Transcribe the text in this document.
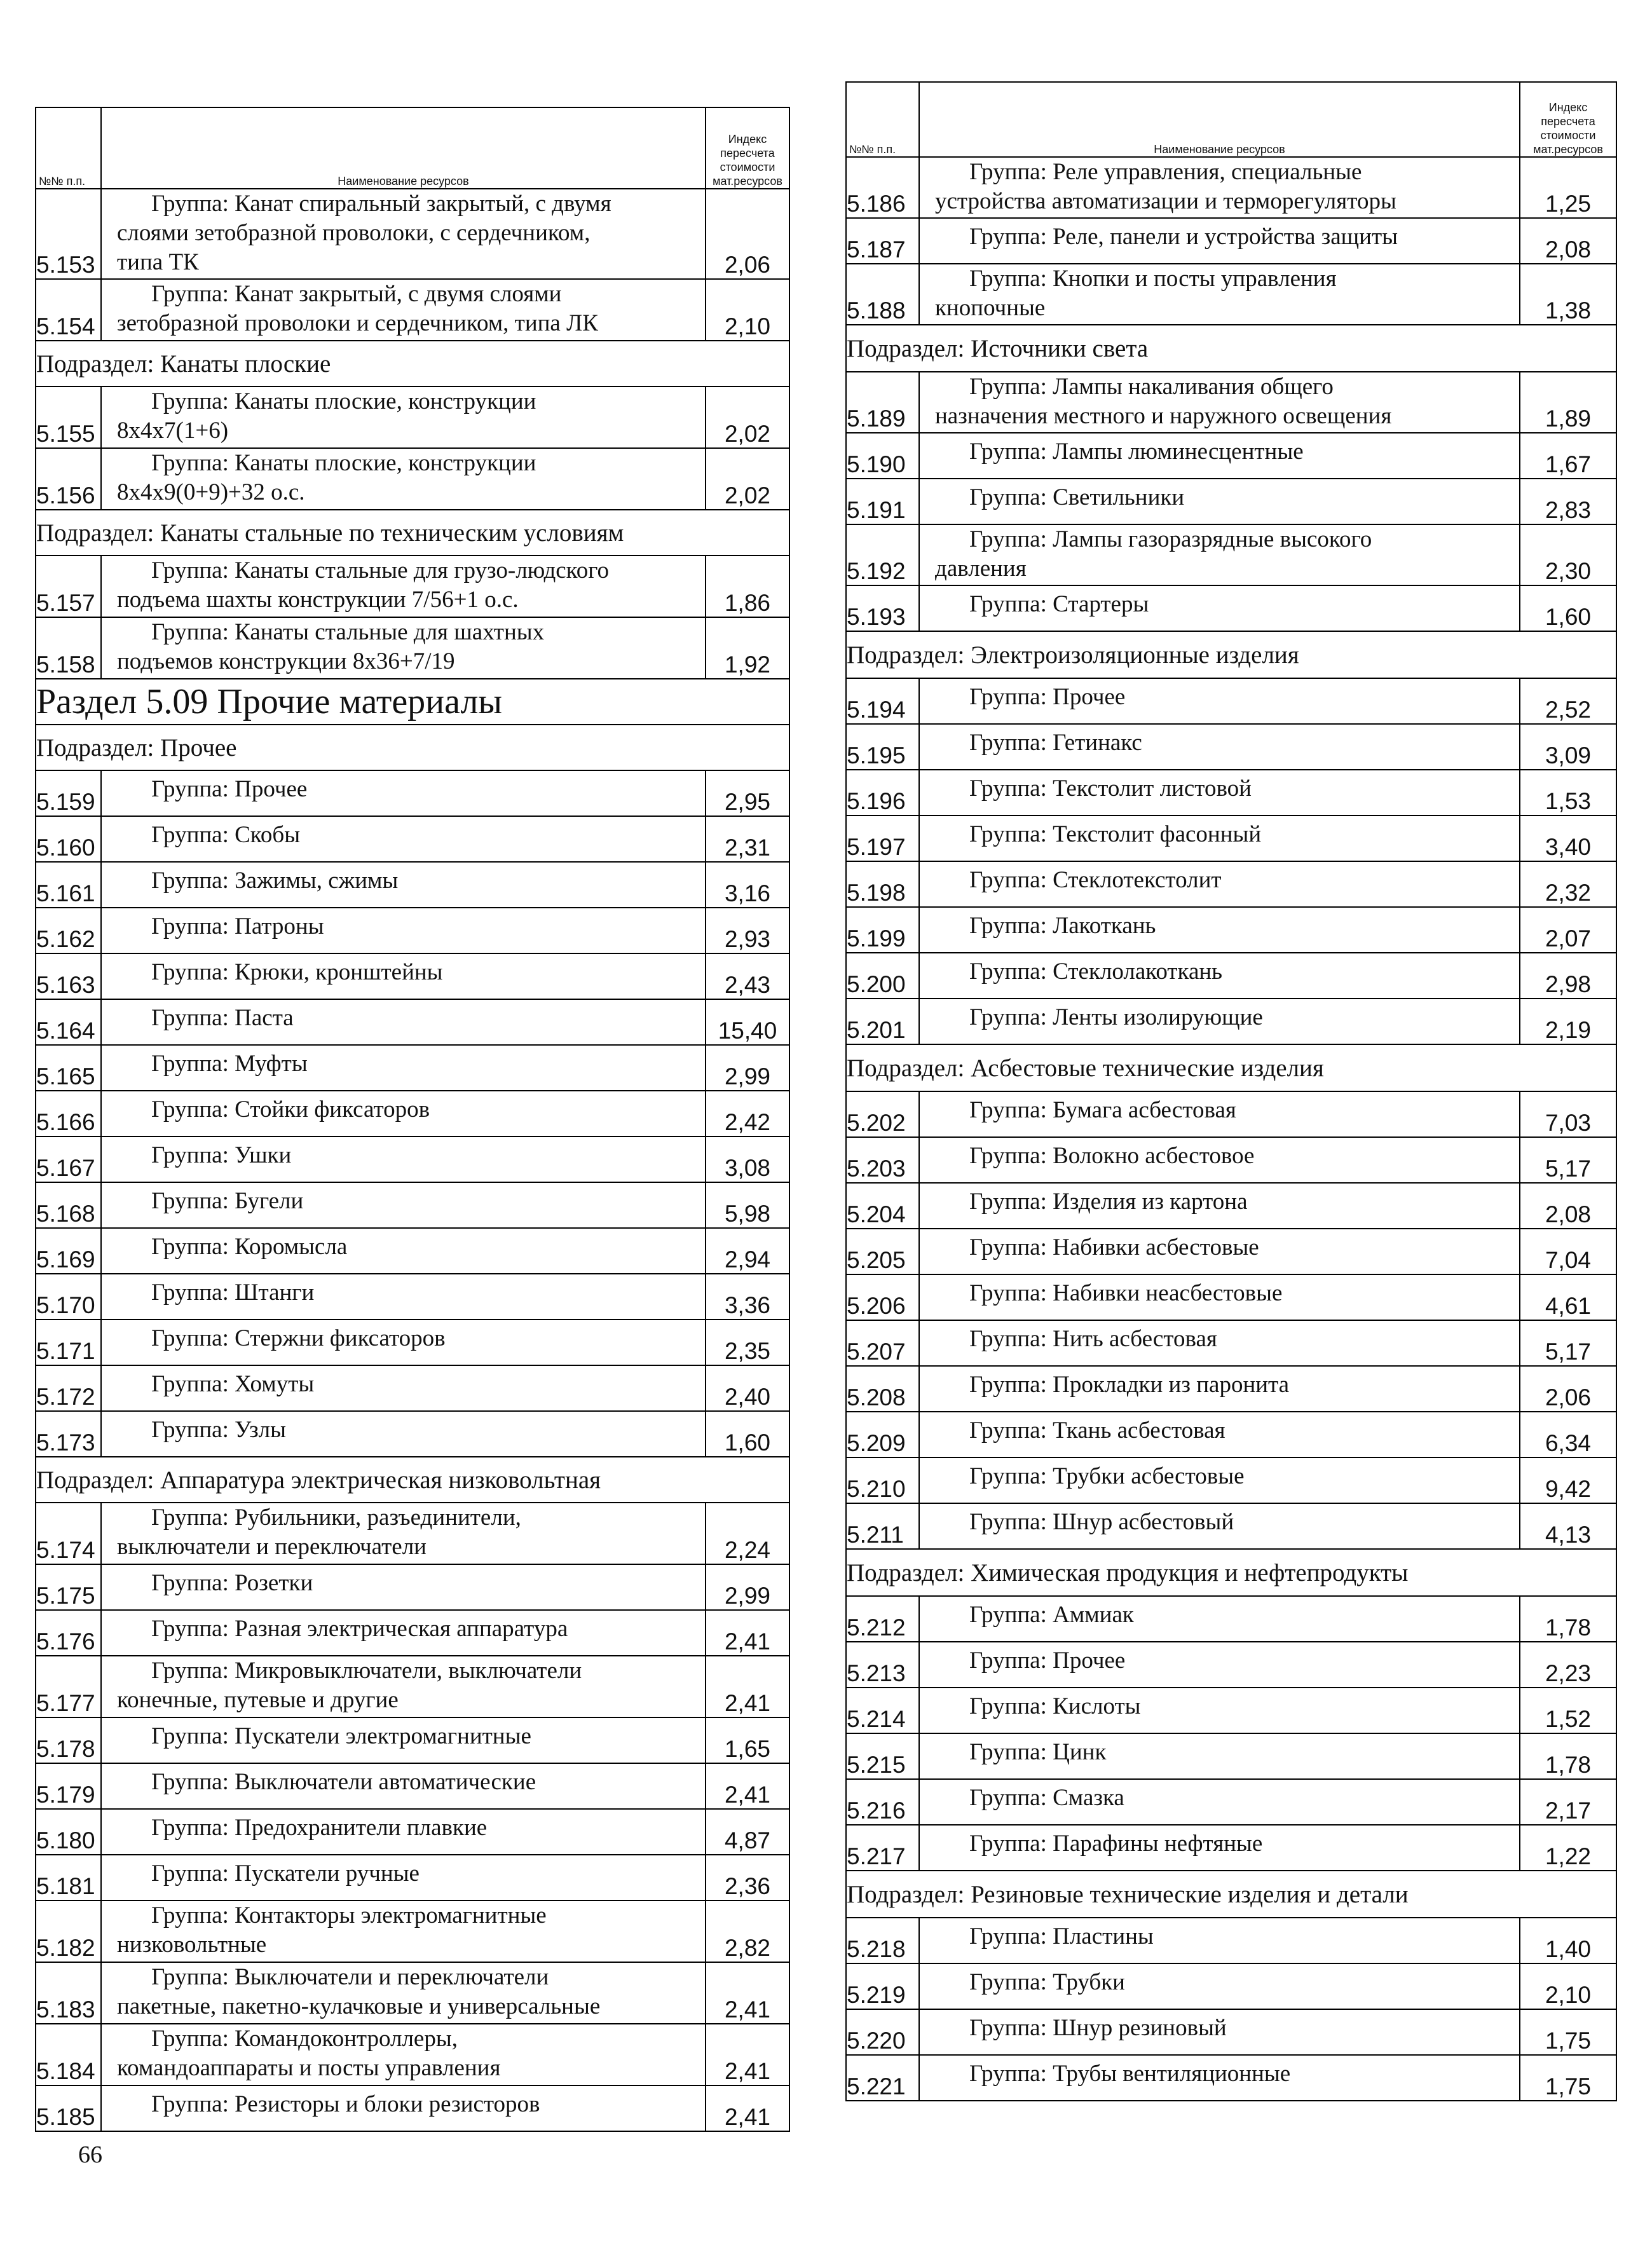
№№ п.п.	Наименование ресурсов	Индекс
пересчета
стоимости
мат.ресурсов
5.153	Группа: Канат спиральный закрытый, с двумя
слоями зетобразной проволоки, с сердечником,
типа ТК	2,06
5.154	Группа: Канат закрытый, с двумя слоями
зетобразной проволоки и сердечником, типа ЛК	2,10
Подраздел: Канаты плоские		
5.155	Группа: Канаты плоские, конструкции
8х4х7(1+6)	2,02
5.156	Группа: Канаты плоские, конструкции
8х4х9(0+9)+32 о.с.	2,02
Подраздел: Канаты стальные по техническим условиям		
5.157	Группа: Канаты стальные для грузо-людского
подъема шахты конструкции 7/56+1 о.с.	1,86
5.158	Группа: Канаты стальные для шахтных
подъемов конструкции 8х36+7/19	1,92
Раздел 5.09 Прочие материалы		
Подраздел: Прочее		
5.159	Группа: Прочее	2,95
5.160	Группа: Скобы	2,31
5.161	Группа: Зажимы, сжимы	3,16
5.162	Группа: Патроны	2,93
5.163	Группа: Крюки, кронштейны	2,43
5.164	Группа: Паста	15,40
5.165	Группа: Муфты	2,99
5.166	Группа: Стойки фиксаторов	2,42
5.167	Группа: Ушки	3,08
5.168	Группа: Бугели	5,98
5.169	Группа: Коромысла	2,94
5.170	Группа: Штанги	3,36
5.171	Группа: Стержни фиксаторов	2,35
5.172	Группа: Хомуты	2,40
5.173	Группа: Узлы	1,60
Подраздел: Аппаратура электрическая низковольтная		
5.174	Группа: Рубильники, разъединители,
выключатели и переключатели	2,24
5.175	Группа: Розетки	2,99
5.176	Группа: Разная электрическая аппаратура	2,41
5.177	Группа: Микровыключатели, выключатели
конечные, путевые и другие	2,41
5.178	Группа: Пускатели электромагнитные	1,65
5.179	Группа: Выключатели автоматические	2,41
5.180	Группа: Предохранители плавкие	4,87
5.181	Группа: Пускатели ручные	2,36
5.182	Группа: Контакторы электромагнитные
низковольтные	2,82
5.183	Группа: Выключатели и переключатели
пакетные, пакетно-кулачковые и универсальные	2,41
5.184	Группа: Командоконтроллеры,
командоаппараты и посты управления	2,41
5.185	Группа: Резисторы и блоки резисторов	2,41
№№ п.п.	Наименование ресурсов	Индекс
пересчета
стоимости
мат.ресурсов
5.186	Группа: Реле управления, специальные
устройства автоматизации и терморегуляторы	1,25
5.187	Группа: Реле, панели и устройства защиты	2,08
5.188	Группа: Кнопки и посты управления
кнопочные	1,38
Подраздел: Источники света		
5.189	Группа: Лампы накаливания общего
назначения местного и наружного освещения	1,89
5.190	Группа: Лампы люминесцентные	1,67
5.191	Группа: Светильники	2,83
5.192	Группа: Лампы газоразрядные высокого
давления	2,30
5.193	Группа: Стартеры	1,60
Подраздел: Электроизоляционные изделия		
5.194	Группа: Прочее	2,52
5.195	Группа: Гетинакс	3,09
5.196	Группа: Текстолит листовой	1,53
5.197	Группа: Текстолит фасонный	3,40
5.198	Группа: Стеклотекстолит	2,32
5.199	Группа: Лакоткань	2,07
5.200	Группа: Стеклолакоткань	2,98
5.201	Группа: Ленты изолирующие	2,19
Подраздел: Асбестовые технические изделия		
5.202	Группа: Бумага асбестовая	7,03
5.203	Группа: Волокно асбестовое	5,17
5.204	Группа: Изделия из картона	2,08
5.205	Группа: Набивки асбестовые	7,04
5.206	Группа: Набивки неасбестовые	4,61
5.207	Группа: Нить асбестовая	5,17
5.208	Группа: Прокладки из паронита	2,06
5.209	Группа: Ткань асбестовая	6,34
5.210	Группа: Трубки асбестовые	9,42
5.211	Группа: Шнур асбестовый	4,13
Подраздел: Химическая продукция и нефтепродукты		
5.212	Группа: Аммиак	1,78
5.213	Группа: Прочее	2,23
5.214	Группа: Кислоты	1,52
5.215	Группа: Цинк	1,78
5.216	Группа: Смазка	2,17
5.217	Группа: Парафины нефтяные	1,22
Подраздел: Резиновые технические изделия и детали		
5.218	Группа: Пластины	1,40
5.219	Группа: Трубки	2,10
5.220	Группа: Шнур резиновый	1,75
5.221	Группа: Трубы вентиляционные	1,75
66
